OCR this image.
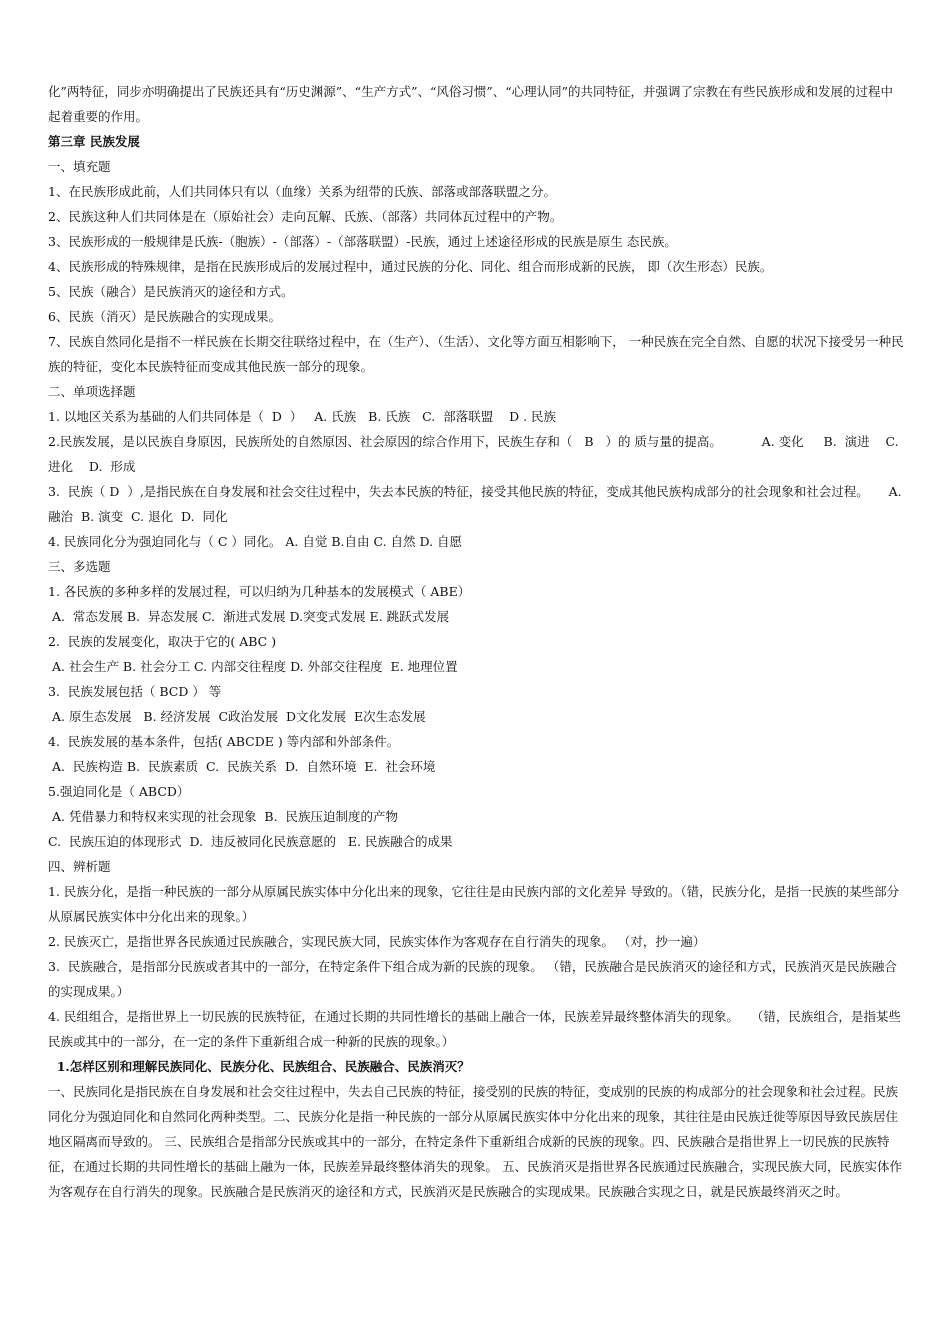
化”两特征，同步亦明确提出了民族还具有“历史渊源”、“生产方式”、“风俗习惯”、“心理认同”的共同特征，并强调了宗教在有些民族形成和发展的过程中起着重要的作用。
第三章 民族发展
一、填充题
1、在民族形成此前，人们共同体只有以（血缘）关系为纽带的氏族、部落或部落联盟之分。
2、民族这种人们共同体是在（原始社会）走向瓦解、氏族、（部落）共同体瓦过程中的产物。
3、民族形成的一般规律是氏族-（胞族）-（部落）-（部落联盟）-民族，通过上述途径形成的民族是原生 态民族。
4、民族形成的特殊规律，是指在民族形成后的发展过程中，通过民族的分化、同化、组合而形成新的民族， 即（次生形态）民族。
5、民族（融合）是民族消灭的途径和方式。
6、民族（消灭）是民族融合的实现成果。
7、民族自然同化是指不一样民族在长期交往联络过程中，在（生产）、（生活）、文化等方面互相影响下， 一种民族在完全自然、自愿的状况下接受另一种民族的特征，变化本民族特征而变成其他民族一部分的现象。
二、单项选择题
1. 以地区关系为基础的人们共同体是（  D  ）   A. 氏族   B. 氏族   C.  部落联盟    D . 民族
2.民族发展，是以民族自身原因，民族所处的自然原因、社会原因的综合作用下，民族生存和（   B   ）的 质与量的提高。          A. 变化     B.  演进    C.  进化    D.  形成
3.  民族（ D  ）,是指民族在自身发展和社会交往过程中，失去本民族的特征，接受其他民族的特征，变成其他民族构成部分的社会现象和社会过程。     A.  融治  B. 演变  C. 退化  D.  同化
4. 民族同化分为强迫同化与（ C ）同化。 A. 自觉 B.自由 C. 自然 D. 自愿
三、多选题
1. 各民族的多种多样的发展过程，可以归纳为几种基本的发展模式（ ABE）
A.  常态发展 B.  异态发展 C.  渐进式发展 D.突变式发展 E. 跳跃式发展
2.  民族的发展变化，取决于它的( ABC )
A. 社会生产 B. 社会分工 C. 内部交往程度 D. 外部交往程度  E. 地理位置
3.  民族发展包括（ BCD ） 等
A. 原生态发展   B. 经济发展  C政治发展  D文化发展  E次生态发展
4.  民族发展的基本条件，包括( ABCDE ) 等内部和外部条件。
A.  民族构造 B.  民族素质  C.  民族关系  D.  自然环境  E.  社会环境
5.强迫同化是（ ABCD）
A. 凭借暴力和特权来实现的社会现象  B.  民族压迫制度的产物
C.  民族压迫的体现形式  D.  违反被同化民族意愿的   E. 民族融合的成果
四、辨析题
1. 民族分化，是指一种民族的一部分从原属民族实体中分化出来的现象，它往往是由民族内部的文化差异 导致的。（错，民族分化，是指一民族的某些部分从原属民族实体中分化出来的现象。）
2. 民族灭亡，是指世界各民族通过民族融合，实现民族大同，民族实体作为客观存在自行消失的现象。 （对，抄一遍）
3.  民族融合，是指部分民族或者其中的一部分，在特定条件下组合成为新的民族的现象。 （错，民族融合是民族消灭的途径和方式，民族消灭是民族融合的实现成果。）
4. 民组组合，是指世界上一切民族的民族特征，在通过长期的共同性增长的基础上融合一体，民族差异最终整体消失的现象。   （错，民族组合，是指某些民族或其中的一部分，在一定的条件下重新组合成一种新的民族的现象。）
1.怎样区别和理解民族同化、民族分化、民族组合、民族融合、民族消灭？
一、民族同化是指民族在自身发展和社会交往过程中，失去自己民族的特征，接受别的民族的特征，变成别的民族的构成部分的社会现象和社会过程。民族同化分为强迫同化和自然同化两种类型。二、民族分化是指一种民族的一部分从原属民族实体中分化出来的现象，其往往是由民族迁徙等原因导致民族居住地区隔离而导致的。 三、民族组合是指部分民族或其中的一部分，在特定条件下重新组合成新的民族的现象。四、民族融合是指世界上一切民族的民族特征，在通过长期的共同性增长的基础上融为一体，民族差异最终整体消失的现象。 五、民族消灭是指世界各民族通过民族融合，实现民族大同，民族实体作为客观存在自行消失的现象。民族融合是民族消灭的途径和方式，民族消灭是民族融合的实现成果。民族融合实现之日，就是民族最终消灭之时。
